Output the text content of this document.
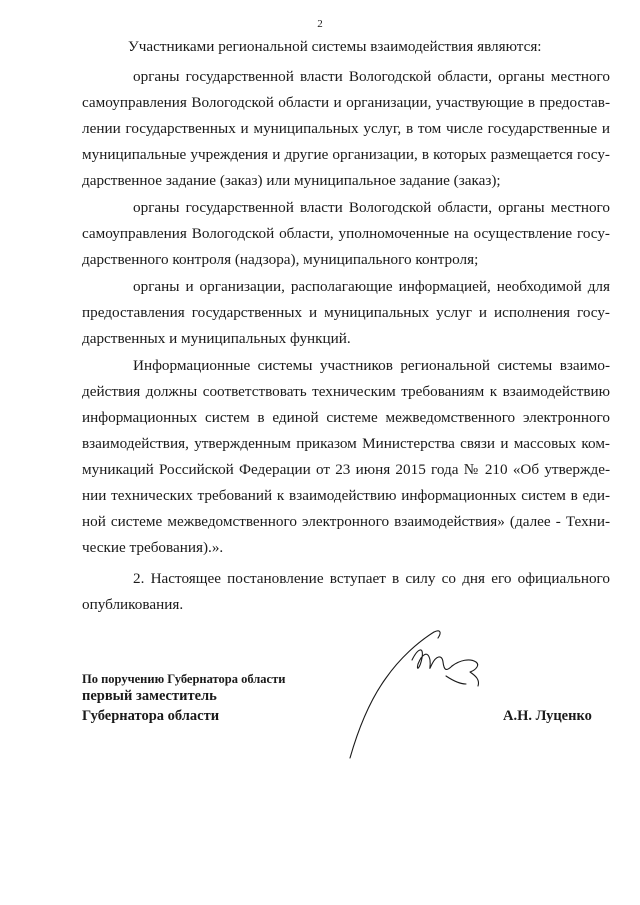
2
Участниками региональной системы взаимодействия являются:
органы государственной власти Вологодской области, органы местного
самоуправления Вологодской области и организации, участвующие в предостав-
лении государственных и муниципальных услуг, в том числе государственные и
муниципальные учреждения и другие организации, в которых размещается госу-
дарственное задание (заказ) или муниципальное задание (заказ);
органы государственной власти Вологодской области, органы местного
самоуправления Вологодской области, уполномоченные на осуществление госу-
дарственного контроля (надзора), муниципального контроля;
органы и организации, располагающие информацией, необходимой для
предоставления государственных и муниципальных услуг и исполнения госу-
дарственных и муниципальных функций.
Информационные системы участников региональной системы взаимо-
действия должны соответствовать техническим требованиям к взаимодействию
информационных систем в единой системе межведомственного электронного
взаимодействия, утвержденным приказом Министерства связи и массовых ком-
муникаций Российской Федерации от 23 июня 2015 года № 210 «Об утвержде-
нии технических требований к взаимодействию информационных систем в еди-
ной системе межведомственного электронного взаимодействия» (далее - Техни-
ческие требования).».
2. Настоящее постановление вступает в силу со дня его официального
опубликования.
По поручению Губернатора области
первый заместитель
Губернатора области	А.Н. Луценко
